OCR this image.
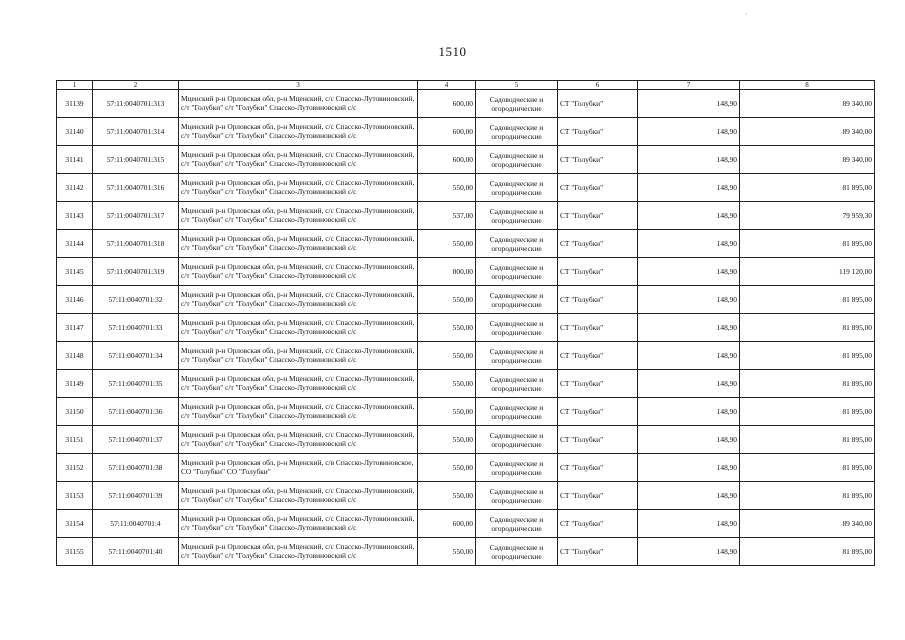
·
1510
1	2	3	4	5	6	7	8
31139	57:11:0040701:313	Мценский р-н Орловская обл, р-н Мценский, с/с Спасско-Лутовиновский, с/т "Голубки" с/т "Голубки" Спасско-Лутовиновский с/с	600,00	Садоводческие и огороднические	СТ "Голубки"	148,90	89 340,00
31140	57:11:0040701:314	Мценский р-н Орловская обл, р-н Мценский, с/с Спасско-Лутовиновский, с/т "Голубки" с/т "Голубки" Спасско-Лутовиновский с/с	600,00	Садоводческие и огороднические	СТ "Голубки"	148,90	89 340,00
31141	57:11:0040701:315	Мценский р-н Орловская обл, р-н Мценский, с/с Спасско-Лутовиновский, с/т "Голубки" с/т "Голубки" Спасско-Лутовиновский с/с	600,00	Садоводческие и огороднические	СТ "Голубки"	148,90	89 340,00
31142	57:11:0040701:316	Мценский р-н Орловская обл, р-н Мценский, с/с Спасско-Лутовиновский, с/т "Голубки" с/т "Голубки" Спасско-Лутовиновский с/с	550,00	Садоводческие и огороднические	СТ "Голубки"	148,90	81 895,00
31143	57:11:0040701:317	Мценский р-н Орловская обл, р-н Мценский, с/с Спасско-Лутовиновский, с/т "Голубки" с/т "Голубки" Спасско-Лутовиновский с/с	537,00	Садоводческие и огороднические	СТ "Голубки"	148,90	79 959,30
31144	57:11:0040701:318	Мценский р-н Орловская обл, р-н Мценский, с/с Спасско-Лутовиновский, с/т "Голубки" с/т "Голубки" Спасско-Лутовиновский с/с	550,00	Садоводческие и огороднические	СТ "Голубки"	148,90	81 895,00
31145	57:11:0040701:319	Мценский р-н Орловская обл, р-н Мценский, с/с Спасско-Лутовиновский, с/т "Голубки" с/т "Голубки" Спасско-Лутовиновский с/с	800,00	Садоводческие и огороднические	СТ "Голубки"	148,90	119 120,00
31146	57:11:0040701:32	Мценский р-н Орловская обл, р-н Мценский, с/с Спасско-Лутовиновский, с/т "Голубки" с/т "Голубки" Спасско-Лутовиновский с/с	550,00	Садоводческие и огороднические	СТ "Голубки"	148,90	81 895,00
31147	57:11:0040701:33	Мценский р-н Орловская обл, р-н Мценский, с/с Спасско-Лутовиновский, с/т "Голубки" с/т "Голубки" Спасско-Лутовиновский с/с	550,00	Садоводческие и огороднические	СТ "Голубки"	148,90	81 895,00
31148	57:11:0040701:34	Мценский р-н Орловская обл, р-н Мценский, с/с Спасско-Лутовиновский, с/т "Голубки" с/т "Голубки" Спасско-Лутовиновский с/с	550,00	Садоводческие и огороднические	СТ "Голубки"	148,90	81 895,00
31149	57:11:0040701:35	Мценский р-н Орловская обл, р-н Мценский, с/с Спасско-Лутовиновский, с/т "Голубки" с/т "Голубки" Спасско-Лутовиновский с/с	550,00	Садоводческие и огороднические	СТ "Голубки"	148,90	81 895,00
31150	57:11:0040701:36	Мценский р-н Орловская обл, р-н Мценский, с/с Спасско-Лутовиновский, с/т "Голубки" с/т "Голубки" Спасско-Лутовиновский с/с	550,00	Садоводческие и огороднические	СТ "Голубки"	148,90	81 895,00
31151	57:11:0040701:37	Мценский р-н Орловская обл, р-н Мценский, с/с Спасско-Лутовиновский, с/т "Голубки" с/т "Голубки" Спасско-Лутовиновский с/с	550,00	Садоводческие и огороднические	СТ "Голубки"	148,90	81 895,00
31152	57:11:0040701:38	Мценский р-н Орловская обл, р-н Мценский, с/в Спасско-Лутовиновское, СО "Голубки" СО "Голубки"	550,00	Садоводческие и огороднические	СТ "Голубки"	148,90	81 895,00
31153	57:11:0040701:39	Мценский р-н Орловская обл, р-н Мценский, с/с Спасско-Лутовиновский, с/т "Голубки" с/т "Голубки" Спасско-Лутовиновский с/с	550,00	Садоводческие и огороднические	СТ "Голубки"	148,90	81 895,00
31154	57:11:0040701:4	Мценский р-н Орловская обл, р-н Мценский, с/с Спасско-Лутовиновский, с/т "Голубки" с/т "Голубки" Спасско-Лутовиновский с/с	600,00	Садоводческие и огороднические	СТ "Голубки"	148,90	89 340,00
31155	57:11:0040701:40	Мценский р-н Орловская обл, р-н Мценский, с/с Спасско-Лутовиновский, с/т "Голубки" с/т "Голубки" Спасско-Лутовиновский с/с	550,00	Садоводческие и огороднические	СТ "Голубки"	148,90	81 895,00
